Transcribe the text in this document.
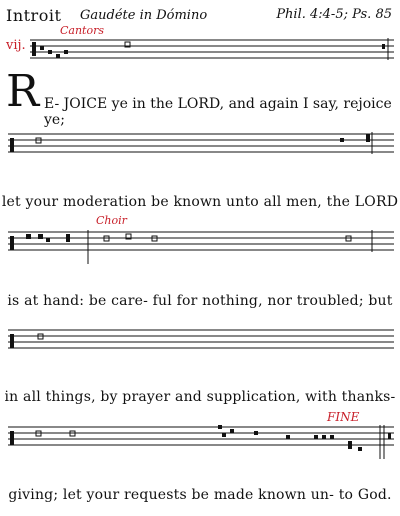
Introit Gaudéte in Dómino	Phil. 4:4-5; Ps. 85
vij.
Cantors
R E- JOICE ye in the LORD, and again I say, rejoice ye;
let your moderation be known unto all men, the LORD
Choir
is at hand: be care- ful for nothing, nor troubled; but
in all things, by prayer and supplication, with thanks-
FINE
giving; let your requests be made known un- to God.
